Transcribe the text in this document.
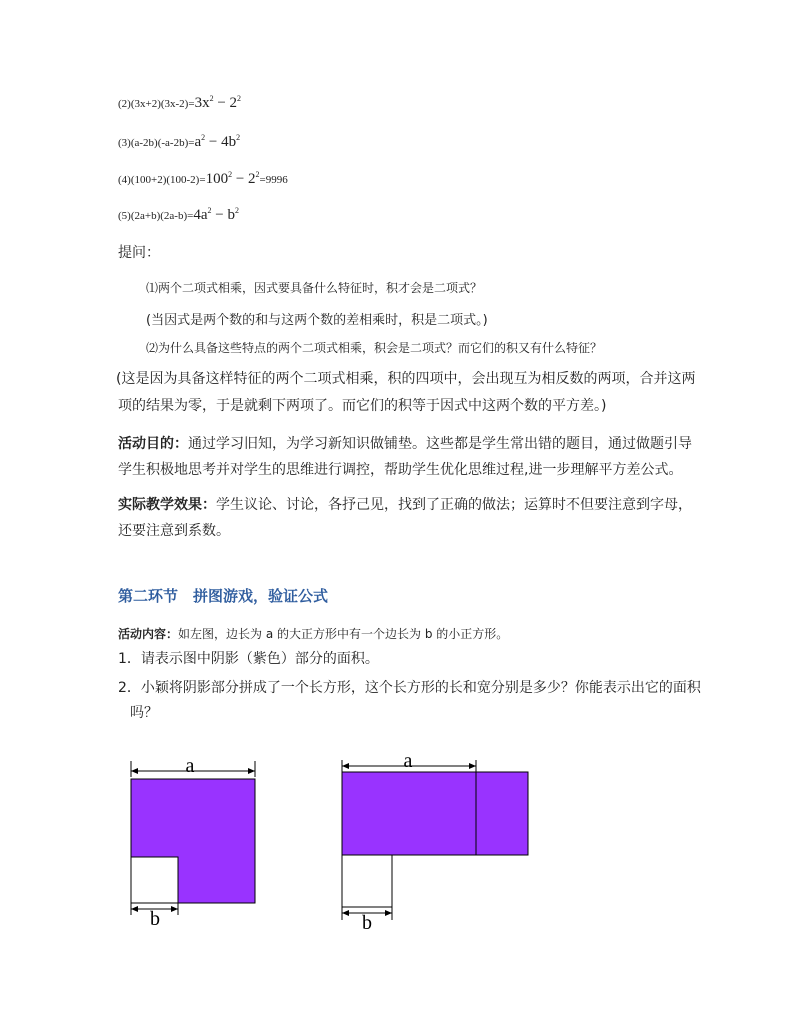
$(2)(3x+2)(3x-2)=3x^2 - 2^2$
$(3)(a-2b)(-a-2b)=a^2 - 4b^2$
$(4)(100+2)(100-2)=100^2 - 2^2=9996$
$(5)(2a+b)(2a-b)=4a^2 - b^2$
提问：
⑴两个二项式相乘，因式要具备什么特征时，积才会是二项式？
(当因式是两个数的和与这两个数的差相乘时，积是二项式。)
⑵为什么具备这些特点的两个二项式相乘，积会是二项式？而它们的积又有什么特征？
(这是因为具备这样特征的两个二项式相乘，积的四项中，会出现互为相反数的两项，合并这两
项的结果为零，于是就剩下两项了。而它们的积等于因式中这两个数的平方差。)
活动目的：通过学习旧知，为学习新知识做铺垫。这些都是学生常出错的题目，通过做题引导
学生积极地思考并对学生的思维进行调控，帮助学生优化思维过程,进一步理解平方差公式。
实际教学效果：学生议论、讨论，各抒己见，找到了正确的做法；运算时不但要注意到字母，
还要注意到系数。
第二环节　拼图游戏，验证公式
活动内容：如左图，边长为 a 的大正方形中有一个边长为 b 的小正方形。
1．请表示图中阴影（紫色）部分的面积。
2．小颖将阴影部分拼成了一个长方形，这个长方形的长和宽分别是多少？你能表示出它的面积
吗？
a
b
a
b
